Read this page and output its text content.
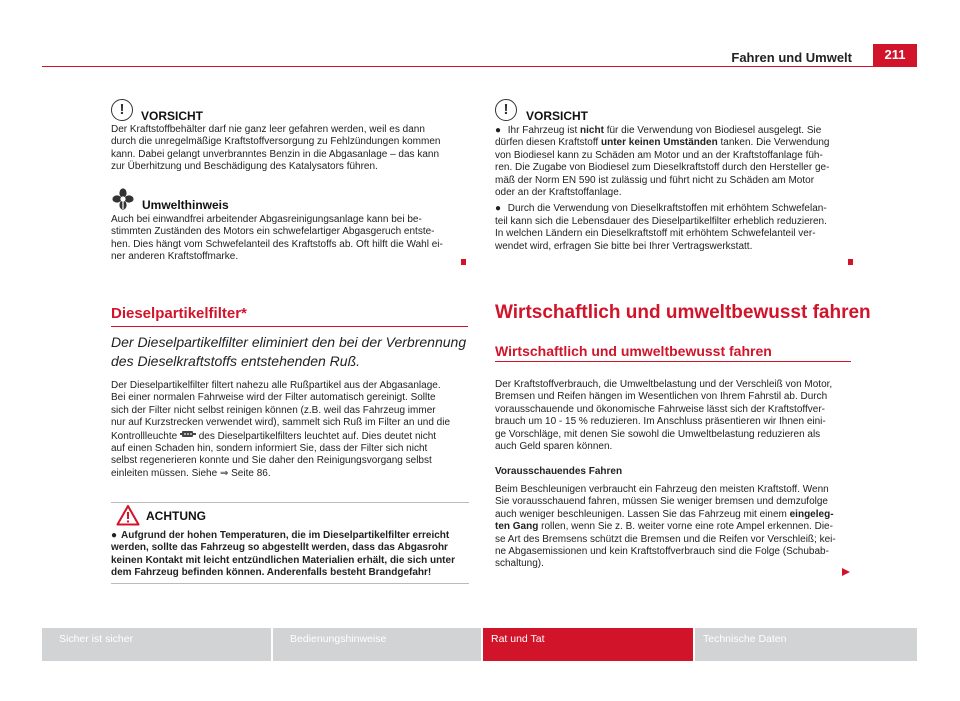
Fahren und Umwelt	211
!	VORSICHT

Der Kraftstoffbehälter darf nie ganz leer gefahren werden, weil es dann

durch die unregelmäßige Kraftstoffversorgung zu Fehlzündungen kommen

kann. Dabei gelangt unverbranntes Benzin in die Abgasanlage – das kann

zur Überhitzung und Beschädigung des Katalysators führen.

Umwelthinweis

Auch bei einwandfrei arbeitender Abgasreinigungsanlage kann bei be-

stimmten Zuständen des Motors ein schwefelartiger Abgasgeruch entste-

hen. Dies hängt vom Schwefelanteil des Kraftstoffs ab. Oft hilft die Wahl ei-

ner anderen Kraftstoffmarke.

Dieselpartikelfilter*
Der Dieselpartikelfilter eliminiert den bei der Verbrennung
des Dieselkraftstoffs entstehenden Ruß.

Der Dieselpartikelfilter filtert nahezu alle Rußpartikel aus der Abgasanlage.

Bei einer normalen Fahrweise wird der Filter automatisch gereinigt. Sollte

sich der Filter nicht selbst reinigen können (z.B. weil das Fahrzeug immer

nur auf Kurzstrecken verwendet wird), sammelt sich Ruß im Filter an und die

Kontrollleuchte des Dieselpartikelfilters leuchtet auf. Dies deutet nicht

auf einen Schaden hin, sondern informiert Sie, dass der Filter sich nicht

selbst regenerieren konnte und Sie daher den Reinigungsvorgang selbst

einleiten müssen. Siehe ⇒ Seite 86.

ACHTUNG
● Aufgrund der hohen Temperaturen, die im Dieselpartikelfilter erreicht

werden, sollte das Fahrzeug so abgestellt werden, dass das Abgasrohr

keinen Kontakt mit leicht entzündlichen Materialien erhält, die sich unter

dem Fahrzeug befinden können. Anderenfalls besteht Brandgefahr!

!	VORSICHT

● Ihr Fahrzeug ist nicht für die Verwendung von Biodiesel ausgelegt. Sie

dürfen diesen Kraftstoff unter keinen Umständen tanken. Die Verwendung

von Biodiesel kann zu Schäden am Motor und an der Kraftstoffanlage füh-

ren. Die Zugabe von Biodiesel zum Dieselkraftstoff durch den Hersteller ge-

mäß der Norm EN 590 ist zulässig und führt nicht zu Schäden am Motor

oder an der Kraftstoffanlage.

● Durch die Verwendung von Dieselkraftstoffen mit erhöhtem Schwefelan-

teil kann sich die Lebensdauer des Dieselpartikelfilter erheblich reduzieren.

In welchen Ländern ein Dieselkraftstoff mit erhöhtem Schwefelanteil ver-

wendet wird, erfragen Sie bitte bei Ihrer Vertragswerkstatt.

Wirtschaftlich und umweltbewusst fahren
Wirtschaftlich und umweltbewusst fahren

Der Kraftstoffverbrauch, die Umweltbelastung und der Verschleiß von Motor,

Bremsen und Reifen hängen im Wesentlichen von Ihrem Fahrstil ab. Durch

vorausschauende und ökonomische Fahrweise lässt sich der Kraftstoffver-

brauch um 10 - 15 % reduzieren. Im Anschluss präsentieren wir Ihnen eini-

ge Vorschläge, mit denen Sie sowohl die Umweltbelastung reduzieren als

auch Geld sparen können.

Vorausschauendes Fahren

Beim Beschleunigen verbraucht ein Fahrzeug den meisten Kraftstoff. Wenn

Sie vorausschauend fahren, müssen Sie weniger bremsen und demzufolge

auch weniger beschleunigen. Lassen Sie das Fahrzeug mit einem eingeleg-

ten Gang rollen, wenn Sie z. B. weiter vorne eine rote Ampel erkennen. Die-

se Art des Bremsens schützt die Bremsen und die Reifen vor Verschleiß; kei-

ne Abgasemissionen und kein Kraftstoffverbrauch sind die Folge (Schubab-

schaltung).

Sicher ist sicher	Bedienungshinweise	Rat und Tat	Technische Daten
